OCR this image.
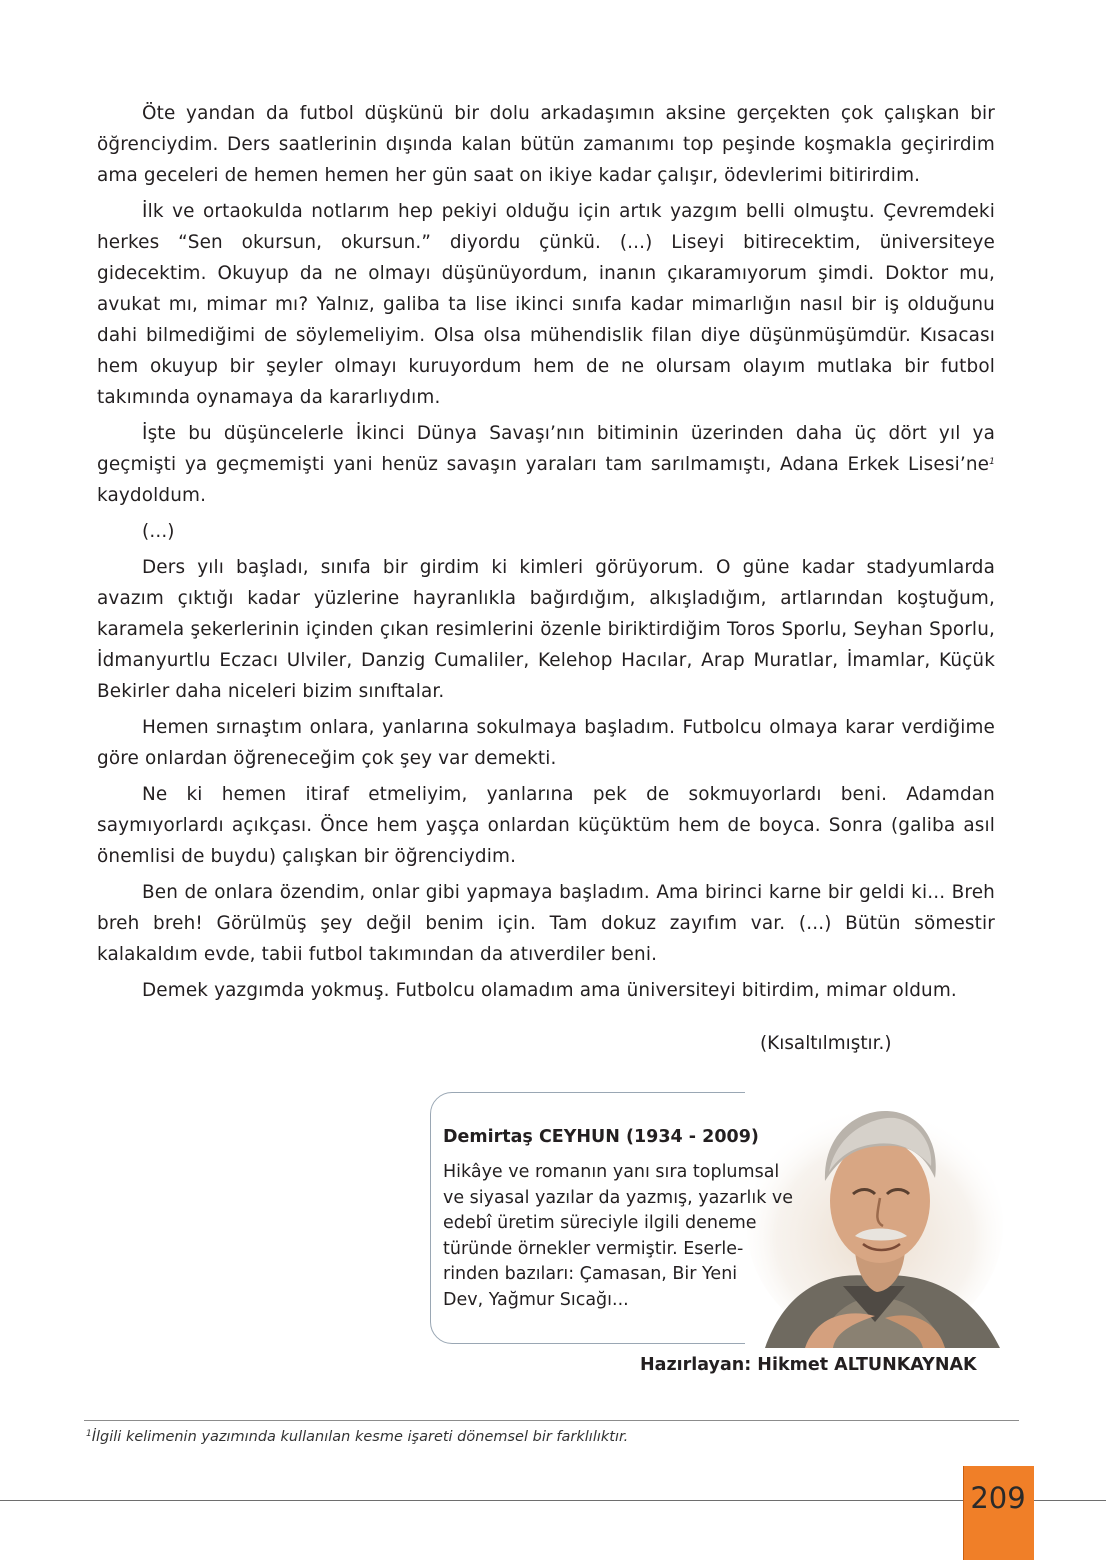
Öte yandan da futbol düşkünü bir dolu arkadaşımın aksine gerçekten çok çalışkan bir öğrenciydim. Ders saatlerinin dışında kalan bütün zamanımı top peşinde koşmakla geçirirdim ama geceleri de hemen hemen her gün saat on ikiye kadar çalışır, ödevlerimi bitirirdim.

İlk ve ortaokulda notlarım hep pekiyi olduğu için artık yazgım belli olmuştu. Çevremdeki herkes “Sen okursun, okursun.” diyordu çünkü. (...) Liseyi bitirecektim, üniversiteye gidecektim. Okuyup da ne olmayı düşünüyordum, inanın çıkaramıyorum şimdi. Doktor mu, avukat mı, mimar mı? Yalnız, galiba ta lise ikinci sınıfa kadar mimarlığın nasıl bir iş olduğunu dahi bilmediğimi de söylemeliyim. Olsa olsa mühendislik filan diye düşünmüşümdür. Kısacası hem okuyup bir şeyler olmayı kuruyordum hem de ne olursam olayım mutlaka bir futbol takımında oynamaya da kararlıydım.

İşte bu düşüncelerle İkinci Dünya Savaşı’nın bitiminin üzerinden daha üç dört yıl ya geçmişti ya geçmemişti yani henüz savaşın yaraları tam sarılmamıştı, Adana Erkek Lisesi’ne$^1$ kaydoldum.

(...)

Ders yılı başladı, sınıfa bir girdim ki kimleri görüyorum. O güne kadar stadyumlarda avazım çıktığı kadar yüzlerine hayranlıkla bağırdığım, alkışladığım, artlarından koştuğum, karamela şekerlerinin içinden çıkan resimlerini özenle biriktirdiğim Toros Sporlu, Seyhan Sporlu, İdmanyurtlu Eczacı Ulviler, Danzig Cumaliler, Kelehop Hacılar, Arap Muratlar, İmamlar, Küçük Bekirler daha niceleri bizim sınıftalar.

Hemen sırnaştım onlara, yanlarına sokulmaya başladım. Futbolcu olmaya karar verdiğime göre onlardan öğreneceğim çok şey var demekti.

Ne ki hemen itiraf etmeliyim, yanlarına pek de sokmuyorlardı beni. Adamdan saymıyorlardı açıkçası. Önce hem yaşça onlardan küçüktüm hem de boyca. Sonra (galiba asıl önemlisi de buydu) çalışkan bir öğrenciydim.

Ben de onlara özendim, onlar gibi yapmaya başladım. Ama birinci karne bir geldi ki... Breh breh breh! Görülmüş şey değil benim için. Tam dokuz zayıfım var. (...) Bütün sömestir kalakaldım evde, tabii futbol takımından da atıverdiler beni.

Demek yazgımda yokmuş. Futbolcu olamadım ama üniversiteyi bitirdim, mimar oldum.

(Kısaltılmıştır.)
Demirtaş CEYHUN (1934 - 2009)
Hikâye ve romanın yanı sıra toplumsal
ve siyasal yazılar da yazmış, yazarlık ve
edebî üretim süreciyle ilgili deneme
türünde örnekler vermiştir. Eserle-
rinden bazıları: Çamasan, Bir Yeni
Dev, Yağmur Sıcağı...
Hazırlayan: Hikmet ALTUNKAYNAK
$^1$İlgili kelimenin yazımında kullanılan kesme işareti dönemsel bir farklılıktır.
209
